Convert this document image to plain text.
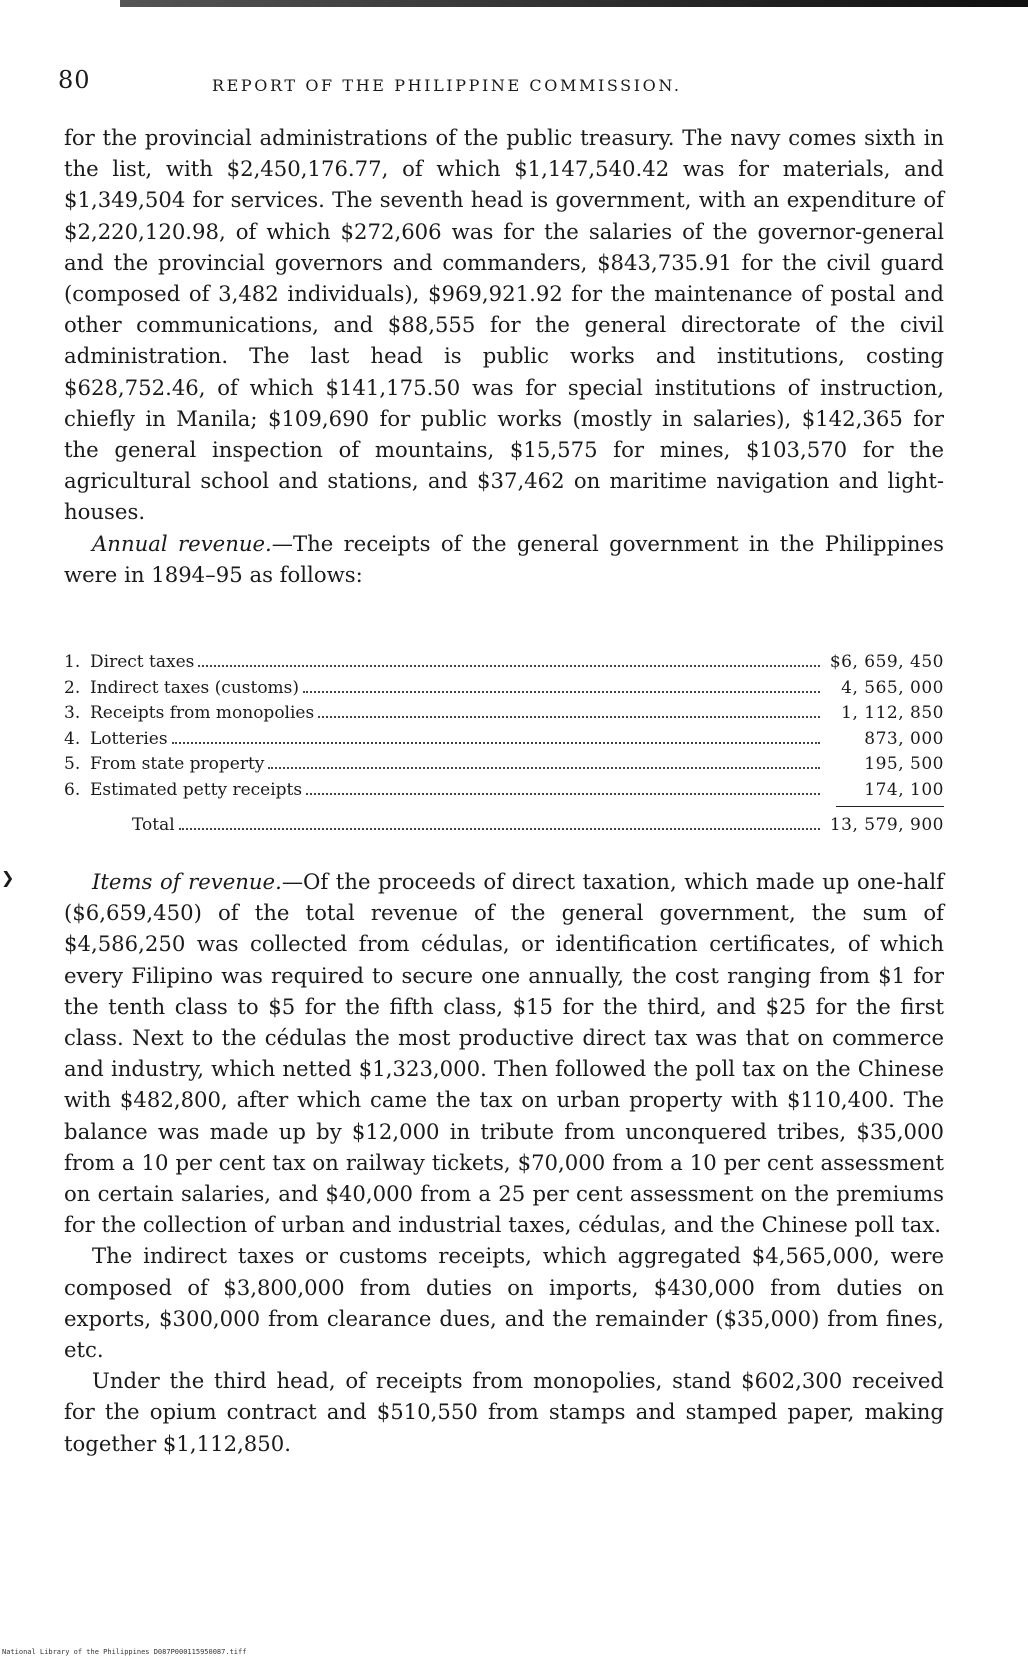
80	REPORT OF THE PHILIPPINE COMMISSION.

for the provincial administrations of the public treasury. The navy comes sixth in the list, with $2,450,176.77, of which $1,147,540.42 was for materials, and $1,349,504 for services. The seventh head is government, with an expenditure of $2,220,120.98, of which $272,606 was for the salaries of the governor-general and the provincial governors and commanders, $843,735.91 for the civil guard (composed of 3,482 individuals), $969,921.92 for the maintenance of postal and other communications, and $88,555 for the general directorate of the civil administration. The last head is public works and institutions, costing $628,752.46, of which $141,175.50 was for special institutions of instruction, chiefly in Manila; $109,690 for public works (mostly in salaries), $142,365 for the general inspection of mountains, $15,575 for mines, $103,570 for the agricultural school and stations, and $37,462 on maritime navigation and light-houses.

Annual revenue.—The receipts of the general government in the Philippines were in 1894–95 as follows:

1. Direct taxes	$6, 659, 450
2. Indirect taxes (customs)	4, 565, 000
3. Receipts from monopolies	1, 112, 850
4. Lotteries	873, 000
5. From state property	195, 500
6. Estimated petty receipts	174, 100
Total	13, 579, 900
❯	Items of revenue.—Of the proceeds of direct taxation, which made up one-half ($6,659,450) of the total revenue of the general government, the sum of $4,586,250 was collected from cédulas, or identification certificates, of which every Filipino was required to secure one annually, the cost ranging from $1 for the tenth class to $5 for the fifth class, $15 for the third, and $25 for the first class. Next to the cédulas the most productive direct tax was that on commerce and industry, which netted $1,323,000. Then followed the poll tax on the Chinese with $482,800, after which came the tax on urban property with $110,400. The balance was made up by $12,000 in tribute from unconquered tribes, $35,000 from a 10 per cent tax on railway tickets, $70,000 from a 10 per cent assessment on certain salaries, and $40,000 from a 25 per cent assessment on the premiums for the collection of urban and industrial taxes, cédulas, and the Chinese poll tax.

The indirect taxes or customs receipts, which aggregated $4,565,000, were composed of $3,800,000 from duties on imports, $430,000 from duties on exports, $300,000 from clearance dues, and the remainder ($35,000) from fines, etc.

Under the third head, of receipts from monopolies, stand $602,300 received for the opium contract and $510,550 from stamps and stamped paper, making together $1,112,850.

National Library of the Philippines D087P000115950087.tiff
